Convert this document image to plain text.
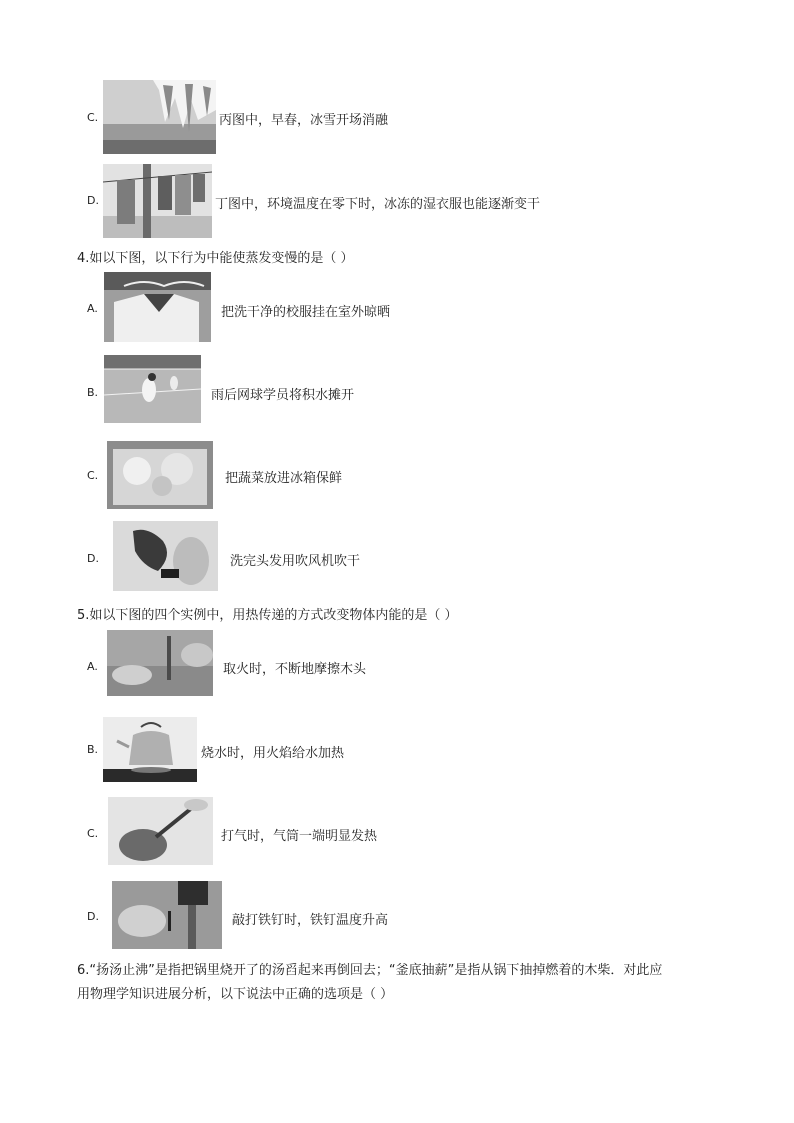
C.	丙图中，早春，冰雪开场消融
D.	丁图中，环境温度在零下时，冰冻的湿衣服也能逐渐变干
4.如以下图，以下行为中能使蒸发变慢的是（ ）
A.	把洗干净的校服挂在室外晾晒
B.	雨后网球学员将积水摊开
C.	把蔬菜放进冰箱保鲜
D.	洗完头发用吹风机吹干
5.如以下图的四个实例中，用热传递的方式改变物体内能的是（ ）
A.	取火时，不断地摩擦木头
B.	烧水时，用火焰给水加热
C.	打气时，气筒一端明显发热
D.	敲打铁钉时，铁钉温度升高
6.“扬汤止沸”是指把锅里烧开了的汤舀起来再倒回去；“釜底抽薪”是指从锅下抽掉燃着的木柴．对此应
用物理学知识进展分析，以下说法中正确的选项是（ ）
